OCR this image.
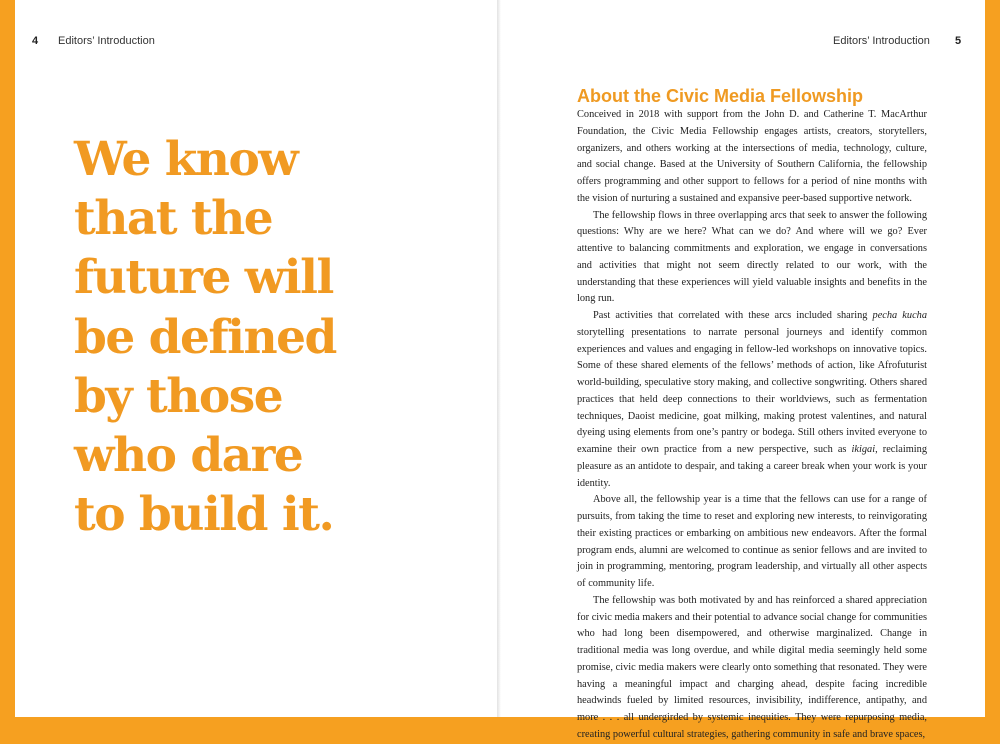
4 Editors’ Introduction
We know
that the
future will
be defined
by those
who dare
to build it.
Editors’ Introduction 5
About the Civic Media Fellowship

Conceived in 2018 with support from the John D. and Catherine T. MacArthur Foundation, the Civic Media Fellowship engages artists, creators, storytellers, organizers, and others working at the intersections of media, technology, culture, and social change. Based at the University of Southern California, the fellowship offers programming and other support to fellows for a period of nine months with the vision of nurturing a sustained and expansive peer-based supportive network.

The fellowship flows in three overlapping arcs that seek to answer the following questions: Why are we here? What can we do? And where will we go? Ever attentive to balancing commitments and exploration, we engage in conversations and activities that might not seem directly related to our work, with the understanding that these experiences will yield valuable insights and benefits in the long run.

Past activities that correlated with these arcs included sharing pecha kucha storytelling presentations to narrate personal journeys and identify common experiences and values and engaging in fellow-led workshops on innovative topics. Some of these shared elements of the fellows’ methods of action, like Afrofuturist world-building, speculative story making, and collective songwriting. Others shared practices that held deep connections to their worldviews, such as fermentation techniques, Daoist medicine, goat milking, making protest valentines, and natural dyeing using elements from one’s pantry or bodega. Still others invited everyone to examine their own practice from a new perspective, such as ikigai, reclaiming pleasure as an antidote to despair, and taking a career break when your work is your identity.

Above all, the fellowship year is a time that the fellows can use for a range of pursuits, from taking the time to reset and exploring new interests, to reinvigorating their existing practices or embarking on ambitious new endeavors. After the formal program ends, alumni are welcomed to continue as senior fellows and are invited to join in programming, mentoring, program leadership, and virtually all other aspects of community life.

The fellowship was both motivated by and has reinforced a shared appreciation for civic media makers and their potential to advance social change for communities who had long been disempowered, and otherwise marginalized. Change in traditional media was long overdue, and while digital media seemingly held some promise, civic media makers were clearly onto something that resonated. They were having a meaningful impact and charging ahead, despite facing incredible headwinds fueled by limited resources, invisibility, indifference, antipathy, and more . . . all undergirded by systemic inequities. They were repurposing media, creating powerful cultural strategies, gathering community in safe and brave spaces,
